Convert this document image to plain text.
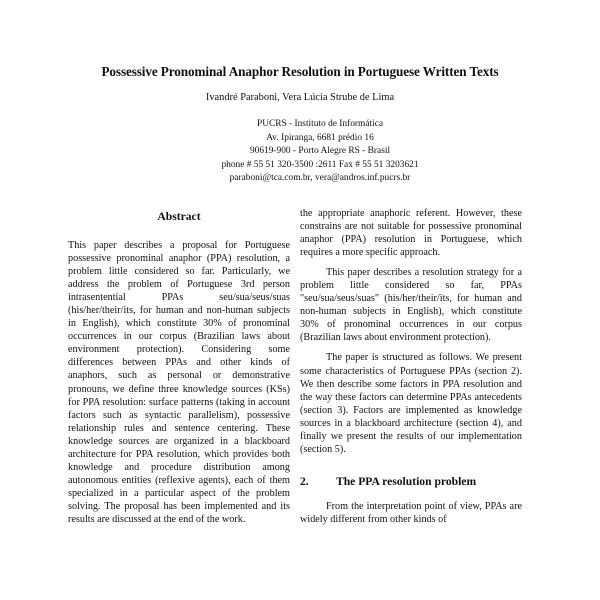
Possessive Pronominal Anaphor Resolution in Portuguese Written Texts
Ivandré Paraboni, Vera Lúcia Strube de Lima
PUCRS - Instituto de Informática
Av. Ipiranga, 6681 prédio 16
90619-900 - Porto Alegre RS - Brasil
phone # 55 51 320-3500 :2611 Fax # 55 51 3203621
paraboni@tca.com.br, vera@andros.inf.pucrs.br
Abstract

This paper describes a proposal for Portuguese possessive pronominal anaphor (PPA) resolution, a problem little considered so far. Particularly, we address the problem of Portuguese 3rd person intrasentential PPAs seu/sua/seus/suas (his/her/their/its, for human and non-human subjects in English), which constitute 30% of pronominal occurrences in our corpus (Brazilian laws about environment protection). Considering some differences between PPAs and other kinds of anaphors, such as personal or demonstrative pronouns, we define three knowledge sources (KSs) for PPA resolution: surface patterns (taking in account factors such as syntactic parallelism), possessive relationship rules and sentence centering. These knowledge sources are organized in a blackboard architecture for PPA resolution, which provides both knowledge and procedure distribution among autonomous entities (reflexive agents), each of them specialized in a particular aspect of the problem solving. The proposal has been implemented and its results are discussed at the end of the work.

the appropriate anaphoric referent. However, these constrains are not suitable for possessive pronominal anaphor (PPA) resolution in Portuguese, which requires a more specific approach.

This paper describes a resolution strategy for a problem little considered so far, PPAs "seu/sua/seus/suas" (his/her/their/its, for human and non-human subjects in English), which constitute 30% of pronominal occurrences in our corpus (Brazilian laws about environment protection).

The paper is structured as follows. We present some characteristics of Portuguese PPAs (section 2). We then describe some factors in PPA resolution and the way these factors can determine PPAs antecedents (section 3). Factors are implemented as knowledge sources in a blackboard architecture (section 4), and finally we present the results of our implementation (section 5).

2. The PPA resolution problem

From the interpretation point of view, PPAs are widely different from other kinds of
